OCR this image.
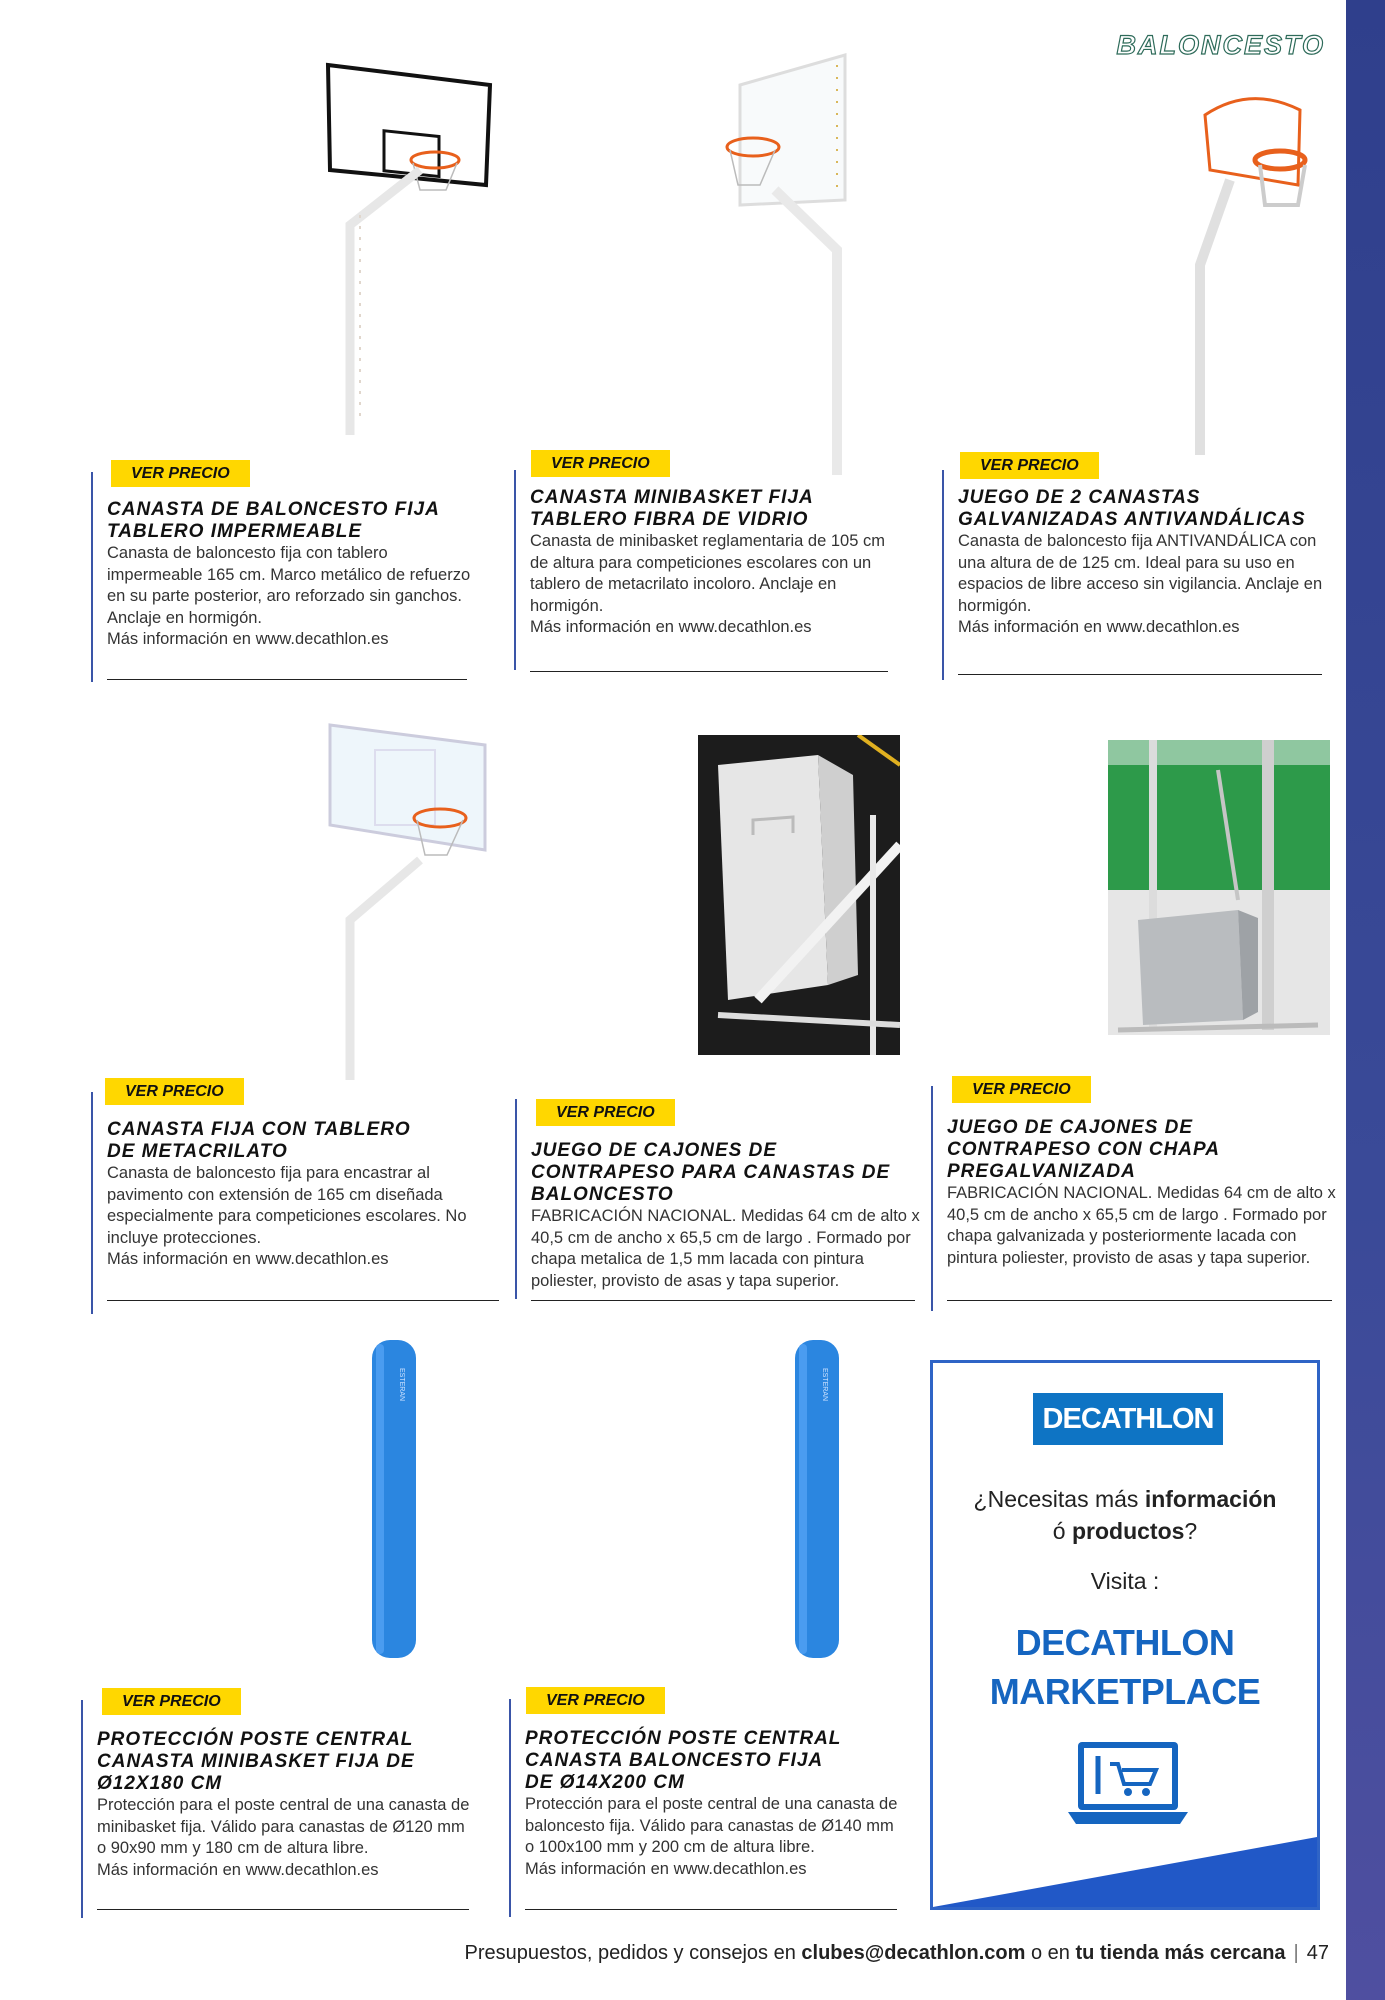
BALONCESTO
ESTERAN	ESTERAN
VER PRECIO
CANASTA DE BALONCESTO FIJA TABLERO IMPERMEABLE
Canasta de baloncesto fija con tablero impermeable 165 cm. Marco metálico de refuerzo en su parte posterior, aro reforzado sin ganchos. Anclaje en hormigón.
Más información en www.decathlon.es
VER PRECIO
CANASTA MINIBASKET FIJA TABLERO FIBRA DE VIDRIO
Canasta de minibasket reglamentaria de 105 cm de altura para competiciones escolares con un tablero de metacrilato incoloro. Anclaje en hormigón.
Más información en www.decathlon.es
VER PRECIO
JUEGO DE 2 CANASTAS GALVANIZADAS ANTIVANDÁLICAS
Canasta de baloncesto fija ANTIVANDÁLICA con una altura de de 125 cm. Ideal para su uso en espacios de libre acceso sin vigilancia. Anclaje en hormigón.
Más información en www.decathlon.es
VER PRECIO
CANASTA FIJA CON TABLERO DE METACRILATO
Canasta de baloncesto fija para encastrar al pavimento con extensión de 165 cm diseñada especialmente para competiciones escolares. No incluye protecciones.
Más información en www.decathlon.es
VER PRECIO
JUEGO DE CAJONES DE CONTRAPESO PARA CANASTAS DE BALONCESTO
FABRICACIÓN NACIONAL. Medidas 64 cm de alto x 40,5 cm de ancho x 65,5 cm de largo . Formado por chapa metalica de 1,5 mm lacada con pintura poliester, provisto de asas y tapa superior.
VER PRECIO
JUEGO DE CAJONES DE CONTRAPESO CON CHAPA PREGALVANIZADA
FABRICACIÓN NACIONAL. Medidas 64 cm de alto x 40,5 cm de ancho x 65,5 cm de largo . Formado por chapa galvanizada y posteriormente lacada con pintura poliester, provisto de asas y tapa superior.
VER PRECIO
PROTECCIÓN POSTE CENTRAL CANASTA MINIBASKET FIJA DE Ø12X180 CM
Protección para el poste central de una canasta de minibasket fija. Válido para canastas de Ø120 mm o 90x90 mm y 180 cm de altura libre.
Más información en www.decathlon.es
VER PRECIO
PROTECCIÓN POSTE CENTRAL CANASTA BALONCESTO FIJA DE Ø14X200 CM
Protección para el poste central de una canasta de baloncesto fija. Válido para canastas de Ø140 mm o 100x100 mm y 200 cm de altura libre.
Más información en www.decathlon.es
DECATHLON
¿Necesitas más información
ó productos?
Visita :
DECATHLON
MARKETPLACE
Presupuestos, pedidos y consejos en clubes@decathlon.com o en tu tienda más cercana | 47
